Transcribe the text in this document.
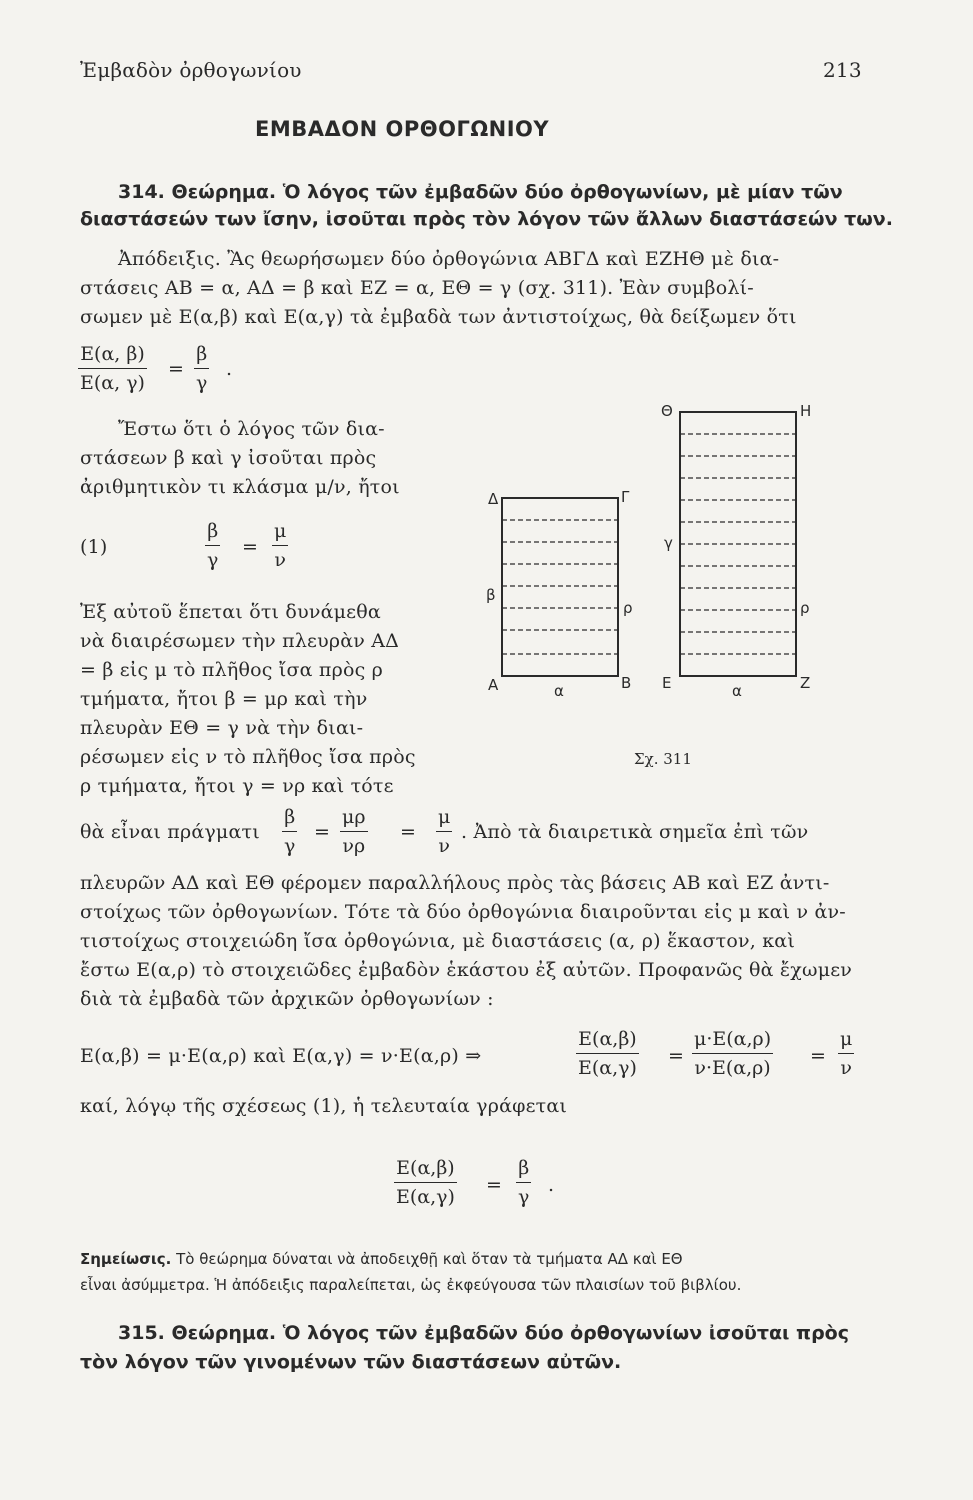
Ἐμβαδὸν ὀρθογωνίου	213
ΕΜΒΑΔΟΝ ΟΡΘΟΓΩΝΙΟΥ
314. Θεώρημα. Ὁ λόγος τῶν ἐμβαδῶν δύο ὀρθογωνίων, μὲ μίαν τῶν
διαστάσεών των ἴσην, ἰσοῦται πρὸς τὸν λόγον τῶν ἄλλων διαστάσεών των.
Ἀπόδειξις. Ἂς θεωρήσωμεν δύο ὀρθογώνια ΑΒΓΔ καὶ ΕΖΗΘ μὲ δια-
στάσεις ΑΒ = α, ΑΔ = β καὶ ΕΖ = α, ΕΘ = γ (σχ. 311). Ἐὰν συμβολί-
σωμεν μὲ Ε(α,β) καὶ Ε(α,γ) τὰ ἐμβαδὰ των ἀντιστοίχως, θὰ δείξωμεν ὅτι
Ε(α, β)
Ε(α, γ)
=
β
γ
.
Ἔστω ὅτι ὁ λόγος τῶν δια-
στάσεων β καὶ γ ἰσοῦται πρὸς
ἀριθμητικὸν τι κλάσμα μ/ν, ἤτοι
(1)
β
γ
=
μ
ν
Ἐξ αὐτοῦ ἕπεται ὅτι δυνάμεθα
νὰ διαιρέσωμεν τὴν πλευρὰν ΑΔ
= β εἰς μ τὸ πλῆθος ἴσα πρὸς ρ
τμήματα, ἤτοι β = μρ καὶ τὴν
πλευρὰν ΕΘ = γ νὰ τὴν διαι-
ρέσωμεν εἰς ν τὸ πλῆθος ἴσα πρὸς
ρ τμήματα, ἤτοι γ = νρ καὶ τότε
θὰ εἶναι πράγματι
β
γ
=
μρ
νρ
=
μ
ν
. Ἀπὸ τὰ διαιρετικὰ σημεῖα ἐπὶ τῶν
πλευρῶν ΑΔ καὶ ΕΘ φέρομεν παραλλήλους πρὸς τὰς βάσεις ΑΒ καὶ ΕΖ ἀντι-
στοίχως τῶν ὀρθογωνίων. Τότε τὰ δύο ὀρθογώνια διαιροῦνται εἰς μ καὶ ν ἀν-
τιστοίχως στοιχειώδη ἴσα ὀρθογώνια, μὲ διαστάσεις (α, ρ) ἕκαστον, καὶ
ἔστω Ε(α,ρ) τὸ στοιχειῶδες ἐμβαδὸν ἑκάστου ἐξ αὐτῶν. Προφανῶς θὰ ἔχωμεν
διὰ τὰ ἐμβαδὰ τῶν ἀρχικῶν ὀρθογωνίων :
Ε(α,β) = μ·Ε(α,ρ) καὶ Ε(α,γ) = ν·Ε(α,ρ) ⇒
Ε(α,β)
Ε(α,γ)
=
μ·Ε(α,ρ)
ν·Ε(α,ρ)
=
μ
ν
καί, λόγῳ τῆς σχέσεως (1), ἡ τελευταία γράφεται
Ε(α,β)
Ε(α,γ)
=
β
γ
.
Σημείωσις. Τὸ θεώρημα δύναται νὰ ἀποδειχθῇ καὶ ὅταν τὰ τμήματα ΑΔ καὶ ΕΘ
εἶναι ἀσύμμετρα. Ἡ ἀπόδειξις παραλείπεται, ὡς ἐκφεύγουσα τῶν πλαισίων τοῦ βιβλίου.
315. Θεώρημα. Ὁ λόγος τῶν ἐμβαδῶν δύο ὀρθογωνίων ἰσοῦται πρὸς
τὸν λόγον τῶν γινομένων τῶν διαστάσεων αὐτῶν.
Δ	Γ
Α	Β
β
α
ρ
Θ	Η
Ε	Ζ
γ
α
ρ
Σχ. 311
